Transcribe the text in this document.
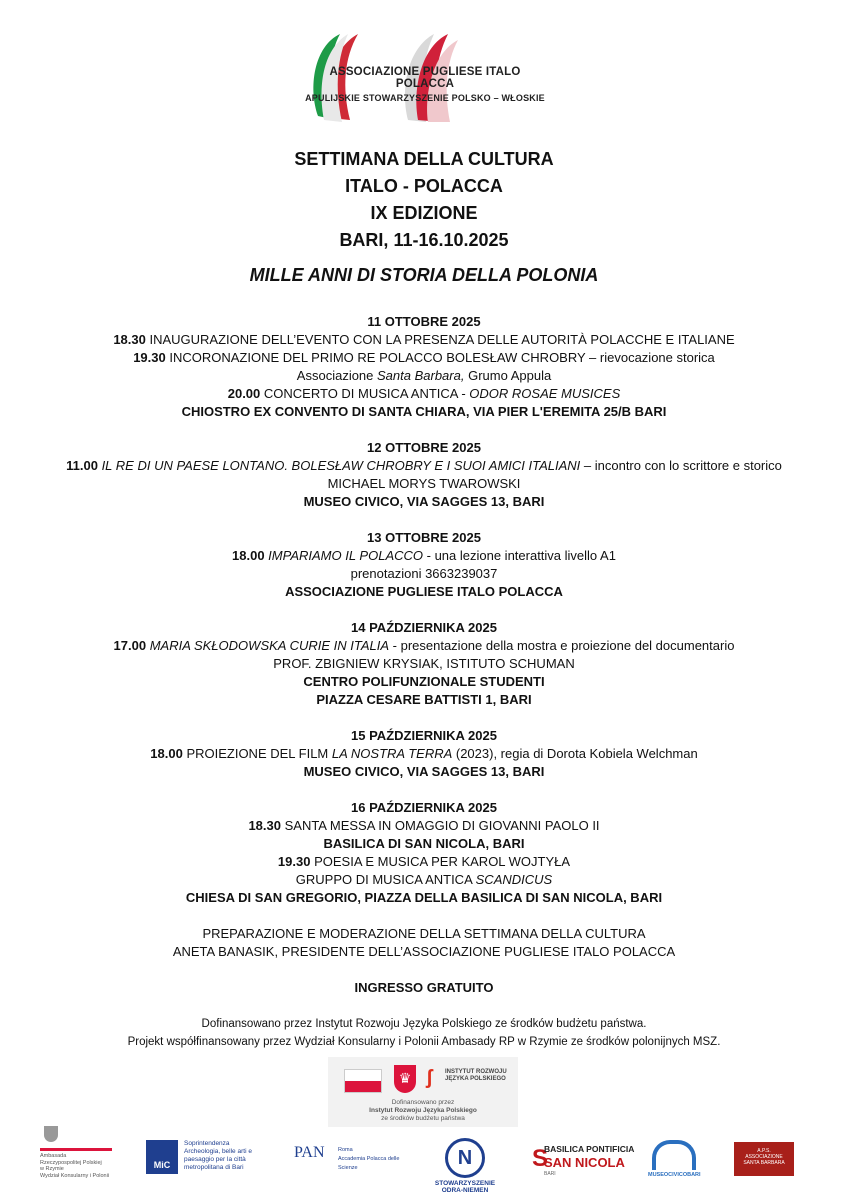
ASSOCIAZIONE PUGLIESE ITALO POLACCA
APULIJSKIE STOWARZYSZENIE POLSKO – WŁOSKIE
SETTIMANA DELLA CULTURA
ITALO - POLACCA
IX EDIZIONE
BARI, 11-16.10.2025
MILLE ANNI DI STORIA DELLA POLONIA
11 OTTOBRE 2025
18.30 INAUGURAZIONE DELL’EVENTO CON LA PRESENZA DELLE AUTORITÀ POLACCHE E ITALIANE
19.30 INCORONAZIONE DEL PRIMO RE POLACCO BOLESŁAW CHROBRY – rievocazione storica
Associazione Santa Barbara, Grumo Appula
20.00 CONCERTO DI MUSICA ANTICA - ODOR ROSAE MUSICES
CHIOSTRO EX CONVENTO DI SANTA CHIARA, VIA PIER L'EREMITA 25/B BARI
12 OTTOBRE 2025
11.00 IL RE DI UN PAESE LONTANO. BOLESŁAW CHROBRY E I SUOI AMICI ITALIANI – incontro con lo scrittore e storico
MICHAEL MORYS TWAROWSKI
MUSEO CIVICO, VIA SAGGES 13, BARI
13 OTTOBRE 2025
18.00 IMPARIAMO IL POLACCO - una lezione interattiva livello A1
prenotazioni 3663239037
ASSOCIAZIONE PUGLIESE ITALO POLACCA
14 PAŹDZIERNIKA 2025
17.00 MARIA SKŁODOWSKA CURIE IN ITALIA - presentazione della mostra e proiezione del documentario
PROF. ZBIGNIEW KRYSIAK, ISTITUTO SCHUMAN
CENTRO POLIFUNZIONALE STUDENTI
PIAZZA CESARE BATTISTI 1, BARI
15 PAŹDZIERNIKA 2025
18.00 PROIEZIONE DEL FILM LA NOSTRA TERRA (2023), regia di Dorota Kobiela Welchman
MUSEO CIVICO, VIA SAGGES 13, BARI
16 PAŹDZIERNIKA 2025
18.30 SANTA MESSA IN OMAGGIO DI GIOVANNI PAOLO II
BASILICA DI SAN NICOLA, BARI
19.30 POESIA E MUSICA PER KAROL WOJTYŁA
GRUPPO DI MUSICA ANTICA SCANDICUS
CHIESA DI SAN GREGORIO, PIAZZA DELLA BASILICA DI SAN NICOLA, BARI
PREPARAZIONE E MODERAZIONE DELLA SETTIMANA DELLA CULTURA
ANETA BANASIK, PRESIDENTE DELL’ASSOCIAZIONE PUGLIESE ITALO POLACCA
INGRESSO GRATUITO
Dofinansowano przez Instytut Rozwoju Języka Polskiego ze środków budżetu państwa.
Projekt współfinansowany przez Wydział Konsularny i Polonii Ambasady RP w Rzymie ze środków polonijnych MSZ.
♛ ʃ	INSTYTUT ROZWOJU
JĘZYKA POLSKIEGO
Dofinansowano przez
Instytut Rozwoju Języka Polskiego
ze środków budżetu państwa
Ambasada
Rzeczypospolitej Polskiej
w Rzymie
Wydział Konsularny i Polonii
MiC
Soprintendenza
Archeologia, belle arti e
paesaggio per la città
metropolitana di Bari
PAN Roma
Accademia Polacca delle Scienze	N
STOWARZYSZENIE
ODRA-NIEMEN
S
BASILICA PONTIFICIA
SAN NICOLA
BARI	MUSEOCIVICOBARI
A.P.S.
ASSOCIAZIONE
SANTA BARBARA
